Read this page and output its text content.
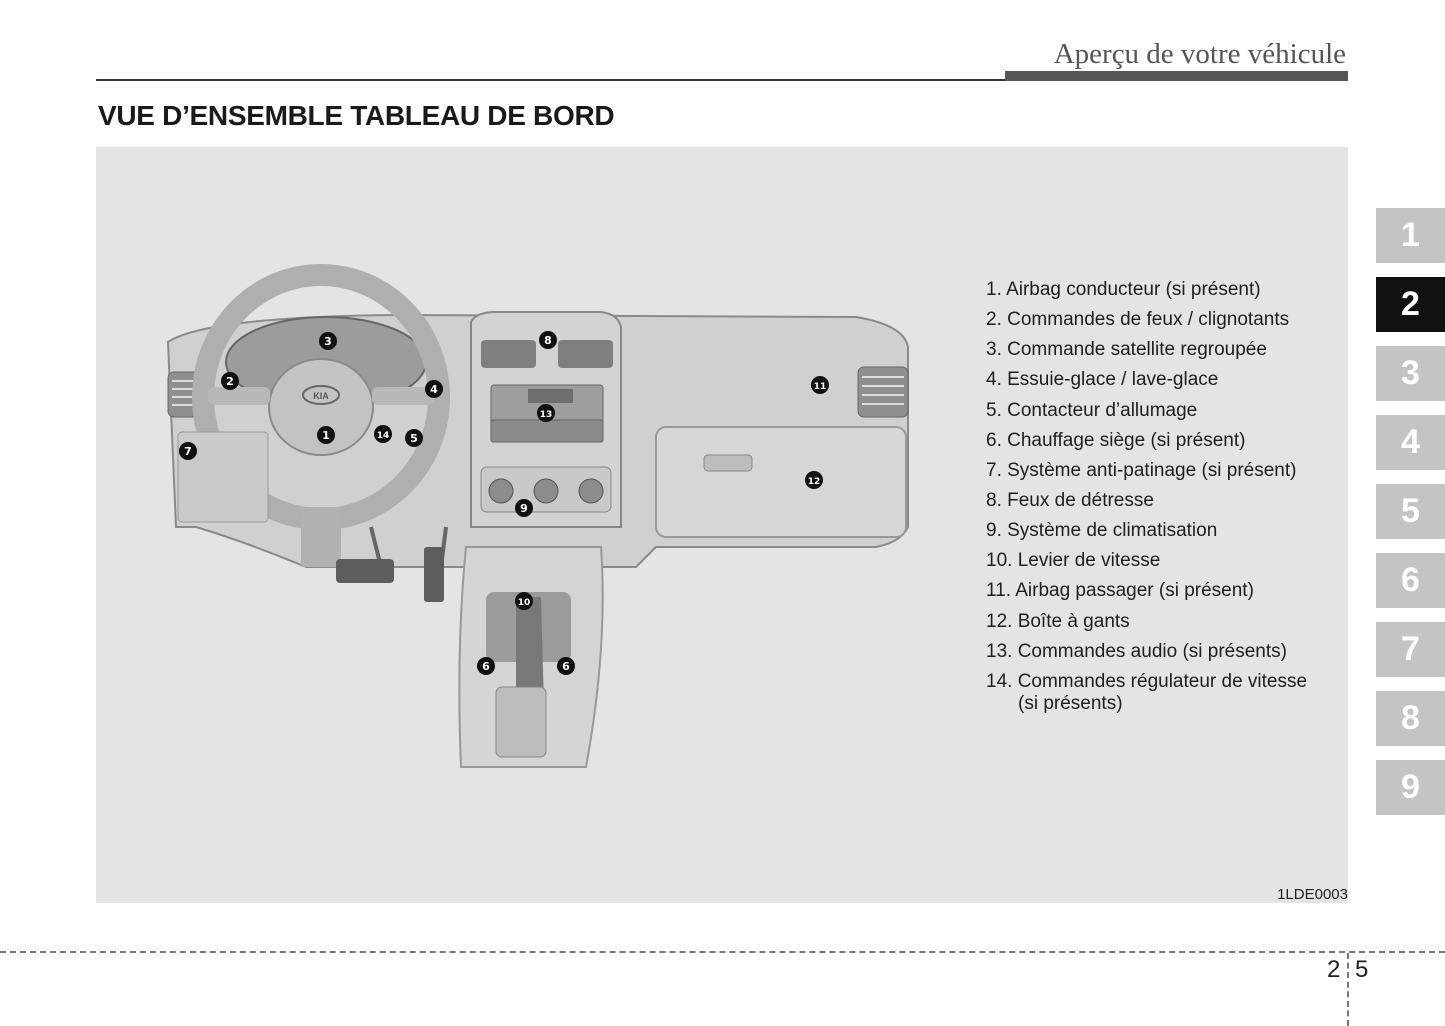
Aperçu de votre véhicule
VUE D’ENSEMBLE TABLEAU DE BORD
KIA
1
2
3
4
5
6	6
7
8
9
10
11
12
13
14
1. Airbag conducteur (si présent)
2. Commandes de feux / clignotants
3. Commande satellite regroupée
4. Essuie-glace / lave-glace
5. Contacteur d’allumage
6. Chauffage siège (si présent)
7. Système anti-patinage (si présent)
8. Feux de détresse
9. Système de climatisation
10. Levier de vitesse
11. Airbag passager (si présent)
12. Boîte à gants
13. Commandes audio (si présents)
14. Commandes régulateur de vitesse
(si présents)
1LDE0003
1
2
3
4
5
6
7
8
9
2 5
